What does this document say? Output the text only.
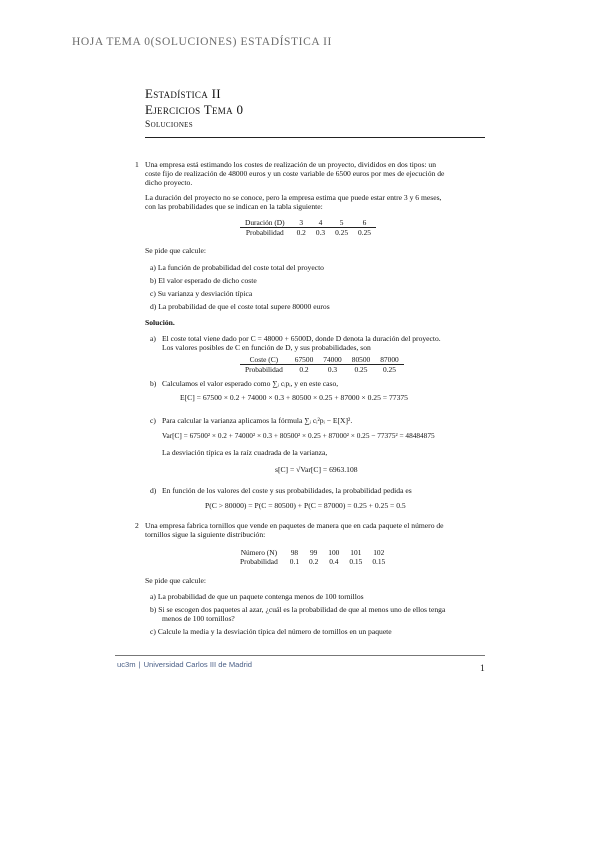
HOJA TEMA 0(SOLUCIONES) ESTADÍSTICA II
Estadística II
Ejercicios Tema 0
Soluciones
1 Una empresa está estimando los costes de realización de un proyecto, divididos en dos tipos: un
coste fijo de realización de 48000 euros y un coste variable de 6500 euros por mes de ejecución de
dicho proyecto.
La duración del proyecto no se conoce, pero la empresa estima que puede estar entre 3 y 6 meses,
con las probabilidades que se indican en la tabla siguiente:
Duración (D)	3	4	5	6
Probabilidad	0.2	0.3	0.25	0.25
Se pide que calcule:
a) La función de probabilidad del coste total del proyecto
b) El valor esperado de dicho coste
c) Su varianza y desviación típica
d) La probabilidad de que el coste total supere 80000 euros
Solución.
a) El coste total viene dado por C = 48000 + 6500D, donde D denota la duración del proyecto.
Los valores posibles de C en función de D, y sus probabilidades, son
Coste (C)	67500	74000	80500	87000
Probabilidad	0.2	0.3	0.25	0.25
b) Calculamos el valor esperado como ∑ᵢ cᵢpᵢ, y en este caso,
E[C] = 67500 × 0.2 + 74000 × 0.3 + 80500 × 0.25 + 87000 × 0.25 = 77375
c) Para calcular la varianza aplicamos la fórmula ∑ᵢ cᵢ²pᵢ − E[X]².
Var[C] = 67500² × 0.2 + 74000² × 0.3 + 80500² × 0.25 + 87000² × 0.25 − 77375² = 48484875
La desviación típica es la raíz cuadrada de la varianza,
s[C] = √Var[C] = 6963.108
d) En función de los valores del coste y sus probabilidades, la probabilidad pedida es
P(C > 80000) = P(C = 80500) + P(C = 87000) = 0.25 + 0.25 = 0.5
2 Una empresa fabrica tornillos que vende en paquetes de manera que en cada paquete el número de
tornillos sigue la siguiente distribución:
Número (N)	98	99	100	101	102
Probabilidad	0.1	0.2	0.4	0.15	0.15
Se pide que calcule:
a) La probabilidad de que un paquete contenga menos de 100 tornillos
b) Si se escogen dos paquetes al azar, ¿cuál es la probabilidad de que al menos uno de ellos tenga
menos de 100 tornillos?
c) Calcule la media y la desviación típica del número de tornillos en un paquete
uc3m | Universidad Carlos III de Madrid	1
